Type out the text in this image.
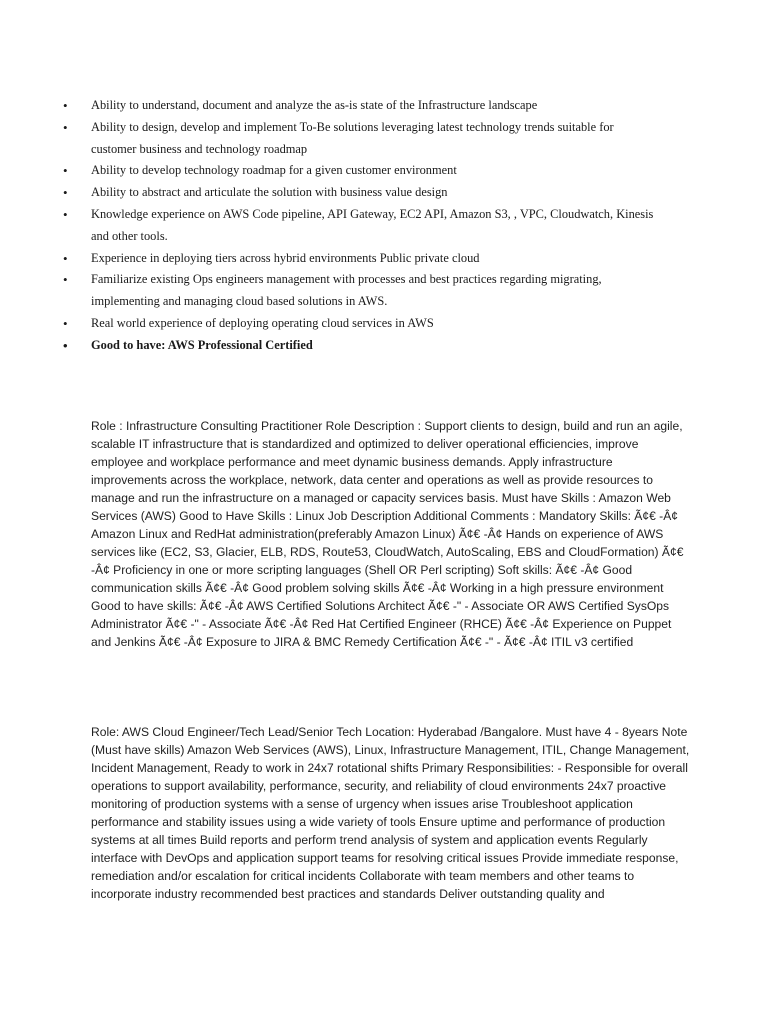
• Ability to understand, document and analyze the as-is state of the Infrastructure landscape
• Ability to design, develop and implement To-Be solutions leveraging latest technology trends suitable for customer business and technology roadmap
• Ability to develop technology roadmap for a given customer environment
• Ability to abstract and articulate the solution with business value design
• Knowledge experience on AWS Code pipeline, API Gateway, EC2 API, Amazon S3, , VPC, Cloudwatch, Kinesis and other tools.
• Experience in deploying tiers across hybrid environments Public private cloud
• Familiarize existing Ops engineers management with processes and best practices regarding migrating, implementing and managing cloud based solutions in AWS.
• Real world experience of deploying operating cloud services in AWS
• Good to have: AWS Professional Certified

Role : Infrastructure Consulting Practitioner Role Description : Support clients to design, build and run an agile, scalable IT infrastructure that is standardized and optimized to deliver operational efficiencies, improve employee and workplace performance and meet dynamic business demands. Apply infrastructure improvements across the workplace, network, data center and operations as well as provide resources to manage and run the infrastructure on a managed or capacity services basis. Must have Skills : Amazon Web Services (AWS) Good to Have Skills : Linux Job Description Additional Comments : Mandatory Skills: Ã¢€ -Â¢ Amazon Linux and RedHat administration(preferably Amazon Linux) Ã¢€ -Â¢ Hands on experience of AWS services like (EC2, S3, Glacier, ELB, RDS, Route53, CloudWatch, AutoScaling, EBS and CloudFormation) Ã¢€ -Â¢ Proficiency in one or more scripting languages (Shell OR Perl scripting) Soft skills: Ã¢€ -Â¢ Good communication skills Ã¢€ -Â¢ Good problem solving skills Ã¢€ -Â¢ Working in a high pressure environment Good to have skills: Ã¢€ -Â¢ AWS Certified Solutions Architect Ã¢€ -" - Associate OR AWS Certified SysOps Administrator Ã¢€ -" - Associate Ã¢€ -Â¢ Red Hat Certified Engineer (RHCE) Ã¢€ -Â¢ Experience on Puppet and Jenkins Ã¢€ -Â¢ Exposure to JIRA & BMC Remedy Certification Ã¢€ -" - Ã¢€ -Â¢ ITIL v3 certified

Role: AWS Cloud Engineer/Tech Lead/Senior Tech Location: Hyderabad /Bangalore. Must have 4 - 8years Note (Must have skills) Amazon Web Services (AWS), Linux, Infrastructure Management, ITIL, Change Management, Incident Management, Ready to work in 24x7 rotational shifts Primary Responsibilities: - Responsible for overall operations to support availability, performance, security, and reliability of cloud environments 24x7 proactive monitoring of production systems with a sense of urgency when issues arise Troubleshoot application performance and stability issues using a wide variety of tools Ensure uptime and performance of production systems at all times Build reports and perform trend analysis of system and application events Regularly interface with DevOps and application support teams for resolving critical issues Provide immediate response, remediation and/or escalation for critical incidents Collaborate with team members and other teams to incorporate industry recommended best practices and standards Deliver outstanding quality and
